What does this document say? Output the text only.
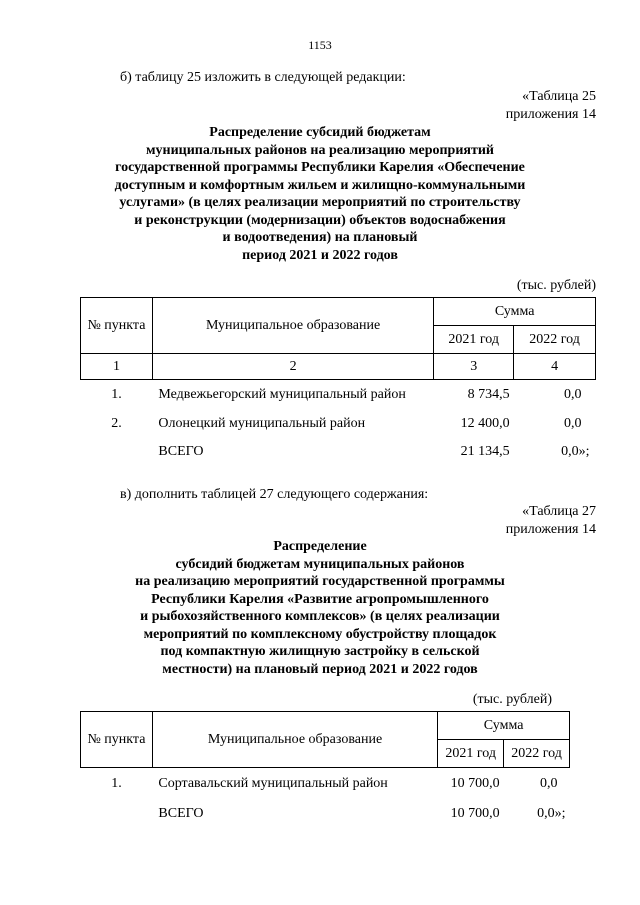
1153
б) таблицу 25 изложить в следующей редакции:
«Таблица 25
приложения 14
Распределение субсидий бюджетам
муниципальных районов на реализацию мероприятий
государственной программы Республики Карелия «Обеспечение
доступным и комфортным жильем и жилищно-коммунальными
услугами» (в целях реализации мероприятий по строительству
и реконструкции (модернизации) объектов водоснабжения
и водоотведения) на плановый
период 2021 и 2022 годов
(тыс. рублей)
№ пункта	Муниципальное образование	Сумма	
		2021 год	2022 год
1	2	3	4
1.	Медвежьегорский муниципальный район	8 734,5	0,0
2.	Олонецкий муниципальный район	12 400,0	0,0
	ВСЕГО	21 134,5	0,0»;
в) дополнить таблицей 27 следующего содержания:
«Таблица 27
приложения 14
Распределение
субсидий бюджетам муниципальных районов
на реализацию мероприятий государственной программы
Республики Карелия «Развитие агропромышленного
и рыбохозяйственного комплексов» (в целях реализации
мероприятий по комплексному обустройству площадок
под компактную жилищную застройку в сельской
местности) на плановый период 2021 и 2022 годов
(тыс. рублей)
№ пункта	Муниципальное образование	Сумма	
		2021 год	2022 год
1.	Сортавальский муниципальный район	10 700,0	0,0
	ВСЕГО	10 700,0	0,0»;
